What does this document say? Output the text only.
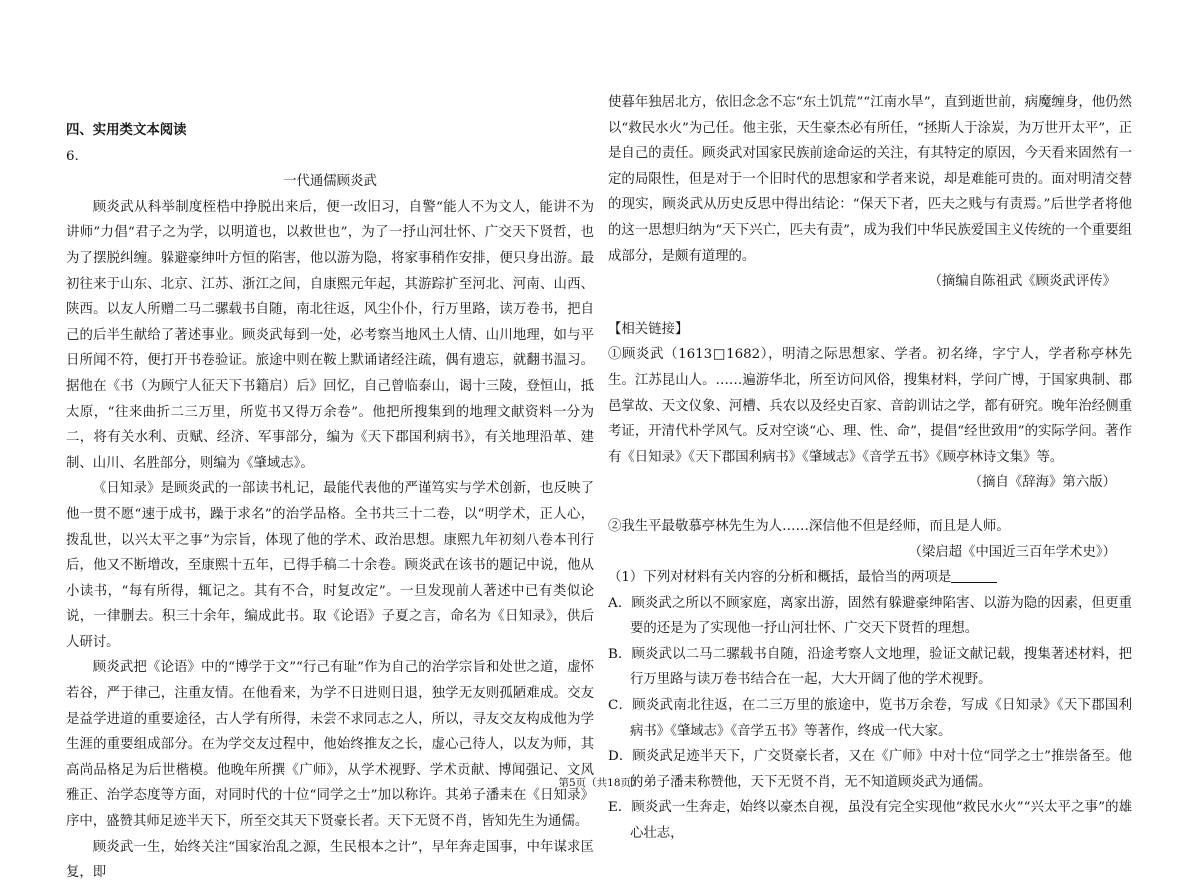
四、实用类文本阅读

6.

一代通儒顾炎武

顾炎武从科举制度桎梏中挣脱出来后，便一改旧习，自警“能人不为文人，能讲不为讲师”力倡“君子之为学，以明道也，以救世也”，为了一抒山河壮怀、广交天下贤哲，也为了摆脱纠缠。躲避豪绅叶方恒的陷害，他以游为隐，将家事稍作安排，便只身出游。最初往来于山东、北京、江苏、浙江之间，自康熙元年起，其游踪扩至河北、河南、山西、陕西。以友人所赠二马二骡载书自随，南北往返，风尘仆仆，行万里路，读万卷书，把自己的后半生献给了著述事业。顾炎武每到一处，必考察当地风土人情、山川地理，如与平日所闻不符，便打开书卷验证。旅途中则在鞍上默诵诸经注疏，偶有遗忘，就翻书温习。据他在《书（为顾宁人征天下书籍启）后》回忆，自己曾临泰山，谒十三陵，登恒山，抵太原，“往来曲折二三万里，所览书又得万余卷”。他把所搜集到的地理文献资料一分为二，将有关水利、贡赋、经济、军事部分，编为《天下郡国利病书》，有关地理沿革、建制、山川、名胜部分，则编为《肇域志》。

《日知录》是顾炎武的一部读书札记，最能代表他的严谨笃实与学术创新，也反映了他一贯不愿“速于成书，躁于求名”的治学品格。全书共三十二卷，以“明学术，正人心，拨乱世，以兴太平之事”为宗旨，体现了他的学术、政治思想。康熙九年初刻八卷本刊行后，他又不断增改，至康熙十五年，已得手稿二十余卷。顾炎武在该书的题记中说，他从小读书，“每有所得，辄记之。其有不合，时复改定”。一旦发现前人著述中已有类似论说，一律删去。积三十余年，编成此书。取《论语》子夏之言，命名为《日知录》，供后人研讨。

顾炎武把《论语》中的“博学于文”“行己有耻”作为自己的治学宗旨和处世之道，虚怀若谷，严于律己，注重友情。在他看来，为学不日进则日退，独学无友则孤陋难成。交友是益学进道的重要途径，古人学有所得，未尝不求同志之人，所以，寻友交友构成他为学生涯的重要组成部分。在为学交友过程中，他始终推友之长，虚心己待人，以友为师，其高尚品格足为后世楷模。他晚年所撰《广师》，从学术视野、学术贡献、博闻强记、文风雅正、治学态度等方面，对同时代的十位“同学之士”加以称许。其弟子潘耒在《日知录》序中，盛赞其师足迹半天下，所至交其天下贤豪长者。天下无贤不肖，皆知先生为通儒。

顾炎武一生，始终关注“国家治乱之源，生民根本之计”，早年奔走国事，中年谋求匡复，即

使暮年独居北方，依旧念念不忘“东土饥荒”“江南水旱”，直到逝世前，病魔缠身，他仍然以“救民水火”为己任。他主张，天生豪杰必有所任，“拯斯人于涂炭，为万世开太平”，正是自己的责任。顾炎武对国家民族前途命运的关注，有其特定的原因，今天看来固然有一定的局限性，但是对于一个旧时代的思想家和学者来说，却是难能可贵的。面对明清交替的现实，顾炎武从历史反思中得出结论：“保天下者，匹夫之贱与有责焉。”后世学者将他的这一思想归纳为“天下兴亡，匹夫有责”，成为我们中华民族爱国主义传统的一个重要组成部分，是颇有道理的。

（摘编自陈祖武《顾炎武评传》

【相关链接】

①顾炎武（1613□1682），明清之际思想家、学者。初名绛，字宁人，学者称亭林先生。江苏昆山人。……遍游华北，所至访问风俗，搜集材料，学问广博，于国家典制、郡邑掌故、天文仪象、河槽、兵农以及经史百家、音韵训诂之学，都有研究。晚年治经侧重考证，开清代朴学风气。反对空谈“心、理、性、命”，提倡“经世致用”的实际学问。著作有《日知录》《天下郡国利病书》《肇域志》《音学五书》《顾亭林诗文集》等。

（摘自《辞海》第六版）

②我生平最敬慕亭林先生为人……深信他不但是经师，而且是人师。

（梁启超《中国近三百年学术史》）

（1）下列对材料有关内容的分析和概括，最恰当的两项是

A．顾炎武之所以不顾家庭，离家出游，固然有躲避豪绅陷害、以游为隐的因素，但更重要的还是为了实现他一抒山河壮怀、广交天下贤哲的理想。

B．顾炎武以二马二骡载书自随，沿途考察人文地理，验证文献记载，搜集著述材料，把行万里路与读万卷书结合在一起，大大开阔了他的学术视野。

C．顾炎武南北往返，在二三万里的旅途中，览书万余卷，写成《日知录》《天下郡国利病书》《肇域志》《音学五书》等著作，终成一代大家。

D．顾炎武足迹半天下，广交贤豪长者，又在《广师》中对十位“同学之士”推崇备至。他的弟子潘耒称赞他，天下无贤不肖，无不知道顾炎武为通儒。

E．顾炎武一生奔走，始终以豪杰自视，虽没有完全实现他“救民水火”“兴太平之事”的雄心壮志，

第5页（共18页）
